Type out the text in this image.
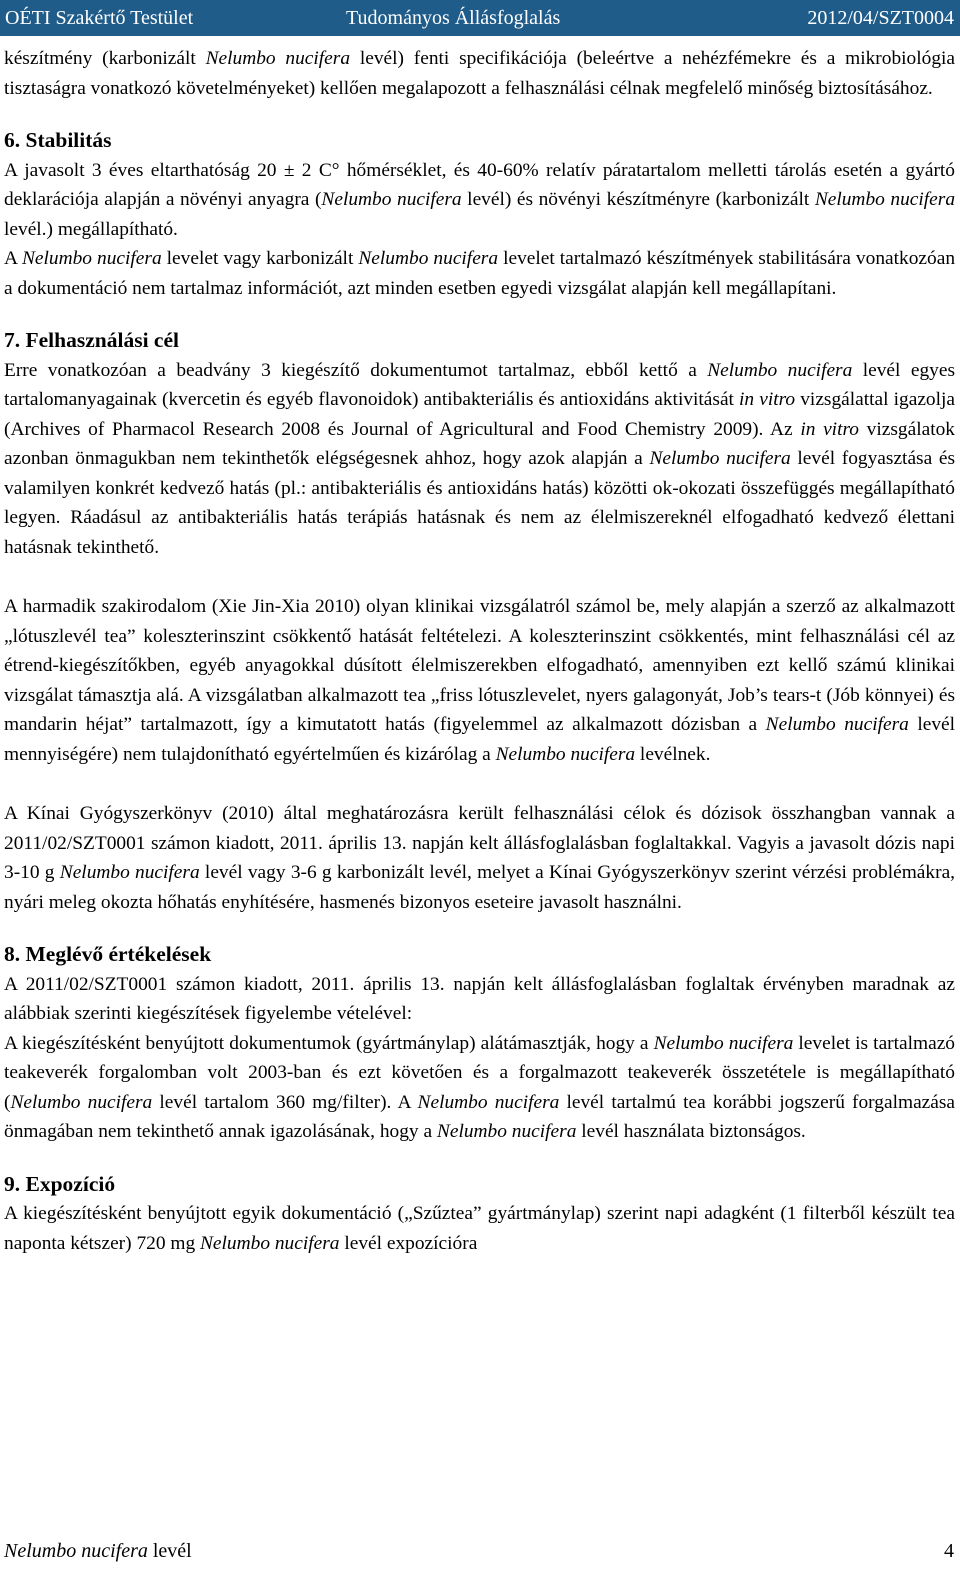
OÉTI Szakértő Testület	Tudományos Állásfoglalás	2012/04/SZT0004

készítmény (karbonizált Nelumbo nucifera levél) fenti specifikációja (beleértve a nehézfémekre és a mikrobiológia tisztaságra vonatkozó követelményeket) kellően megalapozott a felhasználási célnak megfelelő minőség biztosításához.

6. Stabilitás

A javasolt 3 éves eltarthatóság 20 ± 2 C° hőmérséklet, és 40-60% relatív páratartalom melletti tárolás esetén a gyártó deklarációja alapján a növényi anyagra (Nelumbo nucifera levél) és növényi készítményre (karbonizált Nelumbo nucifera levél.) megállapítható.

A Nelumbo nucifera levelet vagy karbonizált Nelumbo nucifera levelet tartalmazó készítmények stabilitására vonatkozóan a dokumentáció nem tartalmaz információt, azt minden esetben egyedi vizsgálat alapján kell megállapítani.

7. Felhasználási cél

Erre vonatkozóan a beadvány 3 kiegészítő dokumentumot tartalmaz, ebből kettő a Nelumbo nucifera levél egyes tartalomanyagainak (kvercetin és egyéb flavonoidok) antibakteriális és antioxidáns aktivitását in vitro vizsgálattal igazolja (Archives of Pharmacol Research 2008 és Journal of Agricultural and Food Chemistry 2009). Az in vitro vizsgálatok azonban önmagukban nem tekinthetők elégségesnek ahhoz, hogy azok alapján a Nelumbo nucifera levél fogyasztása és valamilyen konkrét kedvező hatás (pl.: antibakteriális és antioxidáns hatás) közötti ok-okozati összefüggés megállapítható legyen. Ráadásul az antibakteriális hatás terápiás hatásnak és nem az élelmiszereknél elfogadható kedvező élettani hatásnak tekinthető.

A harmadik szakirodalom (Xie Jin-Xia 2010) olyan klinikai vizsgálatról számol be, mely alapján a szerző az alkalmazott „lótuszlevél tea” koleszterinszint csökkentő hatását feltételezi. A koleszterinszint csökkentés, mint felhasználási cél az étrend-kiegészítőkben, egyéb anyagokkal dúsított élelmiszerekben elfogadható, amennyiben ezt kellő számú klinikai vizsgálat támasztja alá. A vizsgálatban alkalmazott tea „friss lótuszlevelet, nyers galagonyát, Job’s tears-t (Jób könnyei) és mandarin héjat” tartalmazott, így a kimutatott hatás (figyelemmel az alkalmazott dózisban a Nelumbo nucifera levél mennyiségére) nem tulajdonítható egyértelműen és kizárólag a Nelumbo nucifera levélnek.

A Kínai Gyógyszerkönyv (2010) által meghatározásra került felhasználási célok és dózisok összhangban vannak a 2011/02/SZT0001 számon kiadott, 2011. április 13. napján kelt állásfoglalásban foglaltakkal. Vagyis a javasolt dózis napi 3-10 g Nelumbo nucifera levél vagy 3-6 g karbonizált levél, melyet a Kínai Gyógyszerkönyv szerint vérzési problémákra, nyári meleg okozta hőhatás enyhítésére, hasmenés bizonyos eseteire javasolt használni.

8. Meglévő értékelések

A 2011/02/SZT0001 számon kiadott, 2011. április 13. napján kelt állásfoglalásban foglaltak érvényben maradnak az alábbiak szerinti kiegészítések figyelembe vételével:

A kiegészítésként benyújtott dokumentumok (gyártmánylap) alátámasztják, hogy a Nelumbo nucifera levelet is tartalmazó teakeverék forgalomban volt 2003-ban és ezt követően és a forgalmazott teakeverék összetétele is megállapítható (Nelumbo nucifera levél tartalom 360 mg/filter). A Nelumbo nucifera levél tartalmú tea korábbi jogszerű forgalmazása önmagában nem tekinthető annak igazolásának, hogy a Nelumbo nucifera levél használata biztonságos.

9. Expozíció

A kiegészítésként benyújtott egyik dokumentáció („Szűztea” gyártmánylap) szerint napi adagként (1 filterből készült tea naponta kétszer) 720 mg Nelumbo nucifera levél expozícióra

Nelumbo nucifera levél	4
